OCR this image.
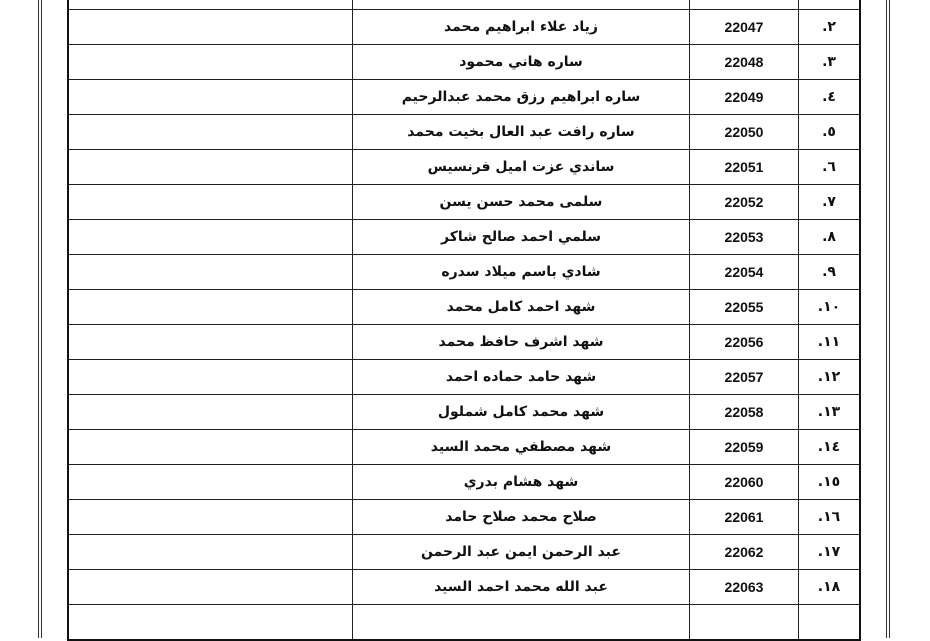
	زياد علاء ابراهيم محمد	22047	٢.
	ساره هاني محمود	22048	٣.
	ساره ابراهيم رزق محمد عبدالرحيم	22049	٤.
	ساره رافت عبد العال بخيت محمد	22050	٥.
	ساندي عزت اميل فرنسيس	22051	٦.
	سلمى محمد حسن يسن	22052	٧.
	سلمي احمد صالح شاكر	22053	٨.
	شادي باسم ميلاد سدره	22054	٩.
	شهد احمد كامل محمد	22055	١٠.
	شهد اشرف حافظ محمد	22056	١١.
	شهد حامد حماده احمد	22057	١٢.
	شهد محمد كامل شملول	22058	١٣.
	شهد مصطفي محمد السيد	22059	١٤.
	شهد هشام بدري	22060	١٥.
	صلاح محمد صلاح حامد	22061	١٦.
	عبد الرحمن ايمن عبد الرحمن	22062	١٧.
	عبد الله محمد احمد السيد	22063	١٨.
